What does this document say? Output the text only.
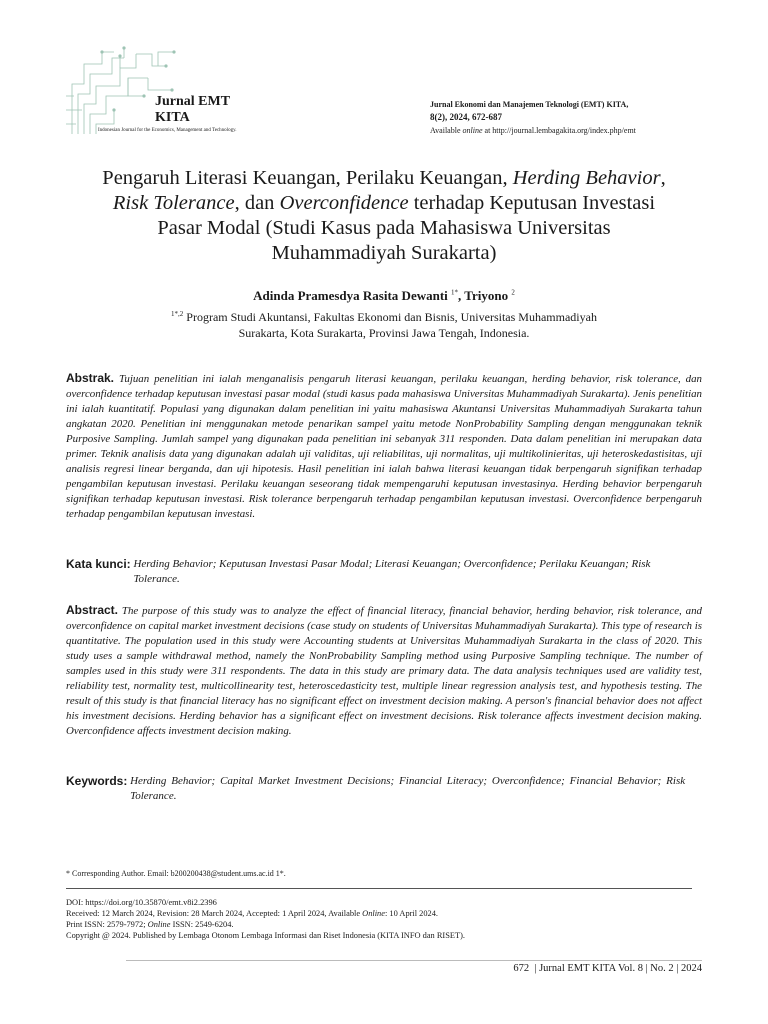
Jurnal EMT
KITA
Indonesian Journal for the Economics, Management and Technology.
Jurnal Ekonomi dan Manajemen Teknologi (EMT) KITA,
8(2), 2024, 672-687
Available online at http://journal.lembagakita.org/index.php/emt
Pengaruh Literasi Keuangan, Perilaku Keuangan, Herding Behavior,
Risk Tolerance, dan Overconfidence terhadap Keputusan Investasi
Pasar Modal (Studi Kasus pada Mahasiswa Universitas
Muhammadiyah Surakarta)
Adinda Pramesdya Rasita Dewanti $^{1*}$, Triyono $^2$
$^{1*,2}$ Program Studi Akuntansi, Fakultas Ekonomi dan Bisnis, Universitas Muhammadiyah
Surakarta, Kota Surakarta, Provinsi Jawa Tengah, Indonesia.
Abstrak. Tujuan penelitian ini ialah menganalisis pengaruh literasi keuangan, perilaku keuangan, herding behavior, risk tolerance, dan overconfidence terhadap keputusan investasi pasar modal (studi kasus pada mahasiswa Universitas Muhammadiyah Surakarta). Jenis penelitian ini ialah kuantitatif. Populasi yang digunakan dalam penelitian ini yaitu mahasiswa Akuntansi Universitas Muhammadiyah Surakarta tahun angkatan 2020. Penelitian ini menggunakan metode penarikan sampel yaitu metode NonProbability Sampling dengan menggunakan teknik Purposive Sampling. Jumlah sampel yang digunakan pada penelitian ini sebanyak 311 responden. Data dalam penelitian ini merupakan data primer. Teknik analisis data yang digunakan adalah uji validitas, uji reliabilitas, uji normalitas, uji multikolinieritas, uji heteroskedastisitas, uji analisis regresi linear berganda, dan uji hipotesis. Hasil penelitian ini ialah bahwa literasi keuangan tidak berpengaruh signifikan terhadap pengambilan keputusan investasi. Perilaku keuangan seseorang tidak mempengaruhi keputusan investasinya. Herding behavior berpengaruh signifikan terhadap keputusan investasi. Risk tolerance berpengaruh terhadap pengambilan keputusan investasi. Overconfidence berpengaruh terhadap pengambilan keputusan investasi.
Kata kunci: Herding Behavior; Keputusan Investasi Pasar Modal; Literasi Keuangan; Overconfidence; Perilaku Keuangan; Risk Tolerance.
Abstract. The purpose of this study was to analyze the effect of financial literacy, financial behavior, herding behavior, risk tolerance, and overconfidence on capital market investment decisions (case study on students of Universitas Muhammadiyah Surakarta). This type of research is quantitative. The population used in this study were Accounting students at Universitas Muhammadiyah Surakarta in the class of 2020. This study uses a sample withdrawal method, namely the NonProbability Sampling method using Purposive Sampling technique. The number of samples used in this study were 311 respondents. The data in this study are primary data. The data analysis techniques used are validity test, reliability test, normality test, multicollinearity test, heteroscedasticity test, multiple linear regression analysis test, and hypothesis testing. The result of this study is that financial literacy has no significant effect on investment decision making. A person's financial behavior does not affect his investment decisions. Herding behavior has a significant effect on investment decisions. Risk tolerance affects investment decision making. Overconfidence affects investment decision making.
Keywords: Herding Behavior; Capital Market Investment Decisions; Financial Literacy; Overconfidence; Financial Behavior; Risk Tolerance.
* Corresponding Author. Email: b200200438@student.ums.ac.id 1*.
DOI: https://doi.org/10.35870/emt.v8i2.2396
Received: 12 March 2024, Revision: 28 March 2024, Accepted: 1 April 2024, Available Online: 10 April 2024.
Print ISSN: 2579-7972; Online ISSN: 2549-6204.
Copyright @ 2024. Published by Lembaga Otonom Lembaga Informasi dan Riset Indonesia (KITA INFO dan RISET).
672  | Jurnal EMT KITA Vol. 8 | No. 2 | 2024
